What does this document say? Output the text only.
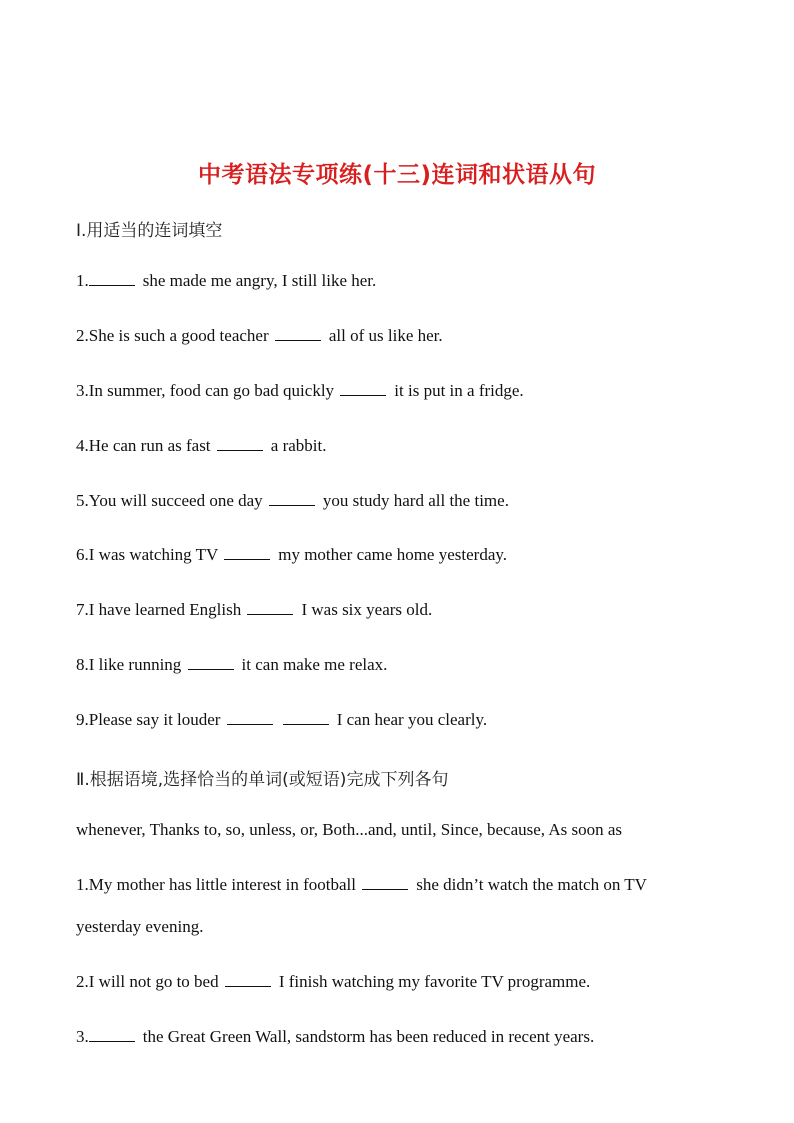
中考语法专项练(十三)连词和状语从句
Ⅰ.用适当的连词填空
1.	she made me angry, I still like her.
2.She is such a good teacher	all of us like her.
3.In summer, food can go bad quickly	it is put in a fridge.
4.He can run as fast	a rabbit.
5.You will succeed one day	you study hard all the time.
6.I was watching TV	my mother came home yesterday.
7.I have learned English	I was six years old.
8.I like running	it can make me relax.
9.Please say it louder	I can hear you clearly.
Ⅱ.根据语境,选择恰当的单词(或短语)完成下列各句
whenever, Thanks to, so, unless, or, Both...and, until, Since, because, As soon as
1.My mother has little interest in football	she didn’t watch the match on TV
yesterday evening.
2.I will not go to bed	I finish watching my favorite TV programme.
3.	the Great Green Wall, sandstorm has been reduced in recent years.
